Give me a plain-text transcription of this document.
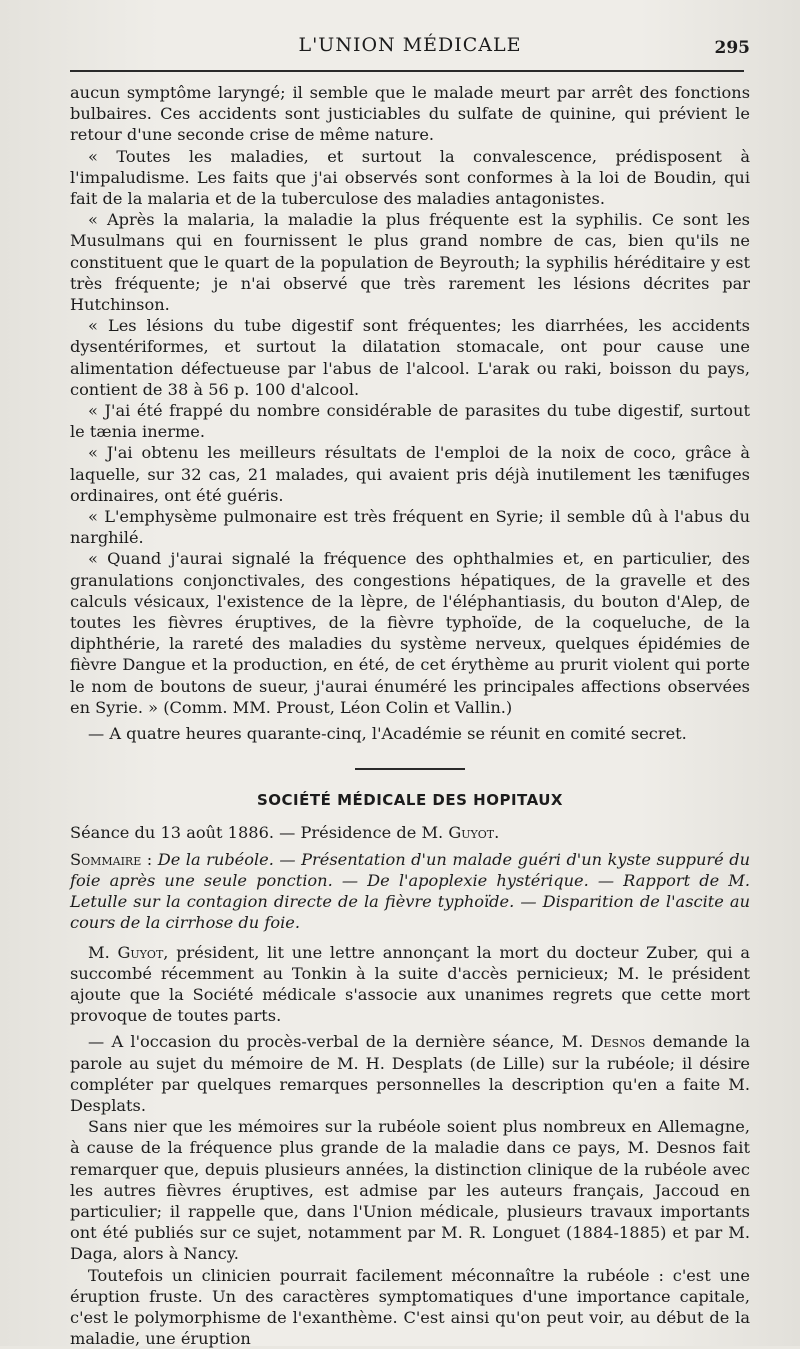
L'UNION MÉDICALE	295

aucun symptôme laryngé; il semble que le malade meurt par arrêt des fonctions bulbaires. Ces accidents sont justiciables du sulfate de quinine, qui prévient le retour d'une seconde crise de même nature.

« Toutes les maladies, et surtout la convalescence, prédisposent à l'impaludisme. Les faits que j'ai observés sont conformes à la loi de Boudin, qui fait de la malaria et de la tuberculose des maladies antagonistes.

« Après la malaria, la maladie la plus fréquente est la syphilis. Ce sont les Musulmans qui en fournissent le plus grand nombre de cas, bien qu'ils ne constituent que le quart de la population de Beyrouth; la syphilis héréditaire y est très fréquente; je n'ai observé que très rarement les lésions décrites par Hutchinson.

« Les lésions du tube digestif sont fréquentes; les diarrhées, les accidents dysentériformes, et surtout la dilatation stomacale, ont pour cause une alimentation défectueuse par l'abus de l'alcool. L'arak ou raki, boisson du pays, contient de 38 à 56 p. 100 d'alcool.

« J'ai été frappé du nombre considérable de parasites du tube digestif, surtout le tænia inerme.

« J'ai obtenu les meilleurs résultats de l'emploi de la noix de coco, grâce à laquelle, sur 32 cas, 21 malades, qui avaient pris déjà inutilement les tænifuges ordinaires, ont été guéris.

« L'emphysème pulmonaire est très fréquent en Syrie; il semble dû à l'abus du narghilé.

« Quand j'aurai signalé la fréquence des ophthalmies et, en particulier, des granulations conjonctivales, des congestions hépatiques, de la gravelle et des calculs vésicaux, l'existence de la lèpre, de l'éléphantiasis, du bouton d'Alep, de toutes les fièvres éruptives, de la fièvre typhoïde, de la coqueluche, de la diphthérie, la rareté des maladies du système nerveux, quelques épidémies de fièvre Dangue et la production, en été, de cet érythème au prurit violent qui porte le nom de boutons de sueur, j'aurai énuméré les principales affections observées en Syrie. » (Comm. MM. Proust, Léon Colin et Vallin.)

— A quatre heures quarante-cinq, l'Académie se réunit en comité secret.

SOCIÉTÉ MÉDICALE DES HOPITAUX

Séance du 13 août 1886. — Présidence de M. Guyot.

Sommaire : De la rubéole. — Présentation d'un malade guéri d'un kyste suppuré du foie après une seule ponction. — De l'apoplexie hystérique. — Rapport de M. Letulle sur la contagion directe de la fièvre typhoïde. — Disparition de l'ascite au cours de la cirrhose du foie.

M. Guyot, président, lit une lettre annonçant la mort du docteur Zuber, qui a succombé récemment au Tonkin à la suite d'accès pernicieux; M. le président ajoute que la Société médicale s'associe aux unanimes regrets que cette mort provoque de toutes parts.

— A l'occasion du procès-verbal de la dernière séance, M. Desnos demande la parole au sujet du mémoire de M. H. Desplats (de Lille) sur la rubéole; il désire compléter par quelques remarques personnelles la description qu'en a faite M. Desplats.

Sans nier que les mémoires sur la rubéole soient plus nombreux en Allemagne, à cause de la fréquence plus grande de la maladie dans ce pays, M. Desnos fait remarquer que, depuis plusieurs années, la distinction clinique de la rubéole avec les autres fièvres éruptives, est admise par les auteurs français, Jaccoud en particulier; il rappelle que, dans l'Union médicale, plusieurs travaux importants ont été publiés sur ce sujet, notamment par M. R. Longuet (1884-1885) et par M. Daga, alors à Nancy.

Toutefois un clinicien pourrait facilement méconnaître la rubéole : c'est une éruption fruste. Un des caractères symptomatiques d'une importance capitale, c'est le polymorphisme de l'exanthème. C'est ainsi qu'on peut voir, au début de la maladie, une éruption
